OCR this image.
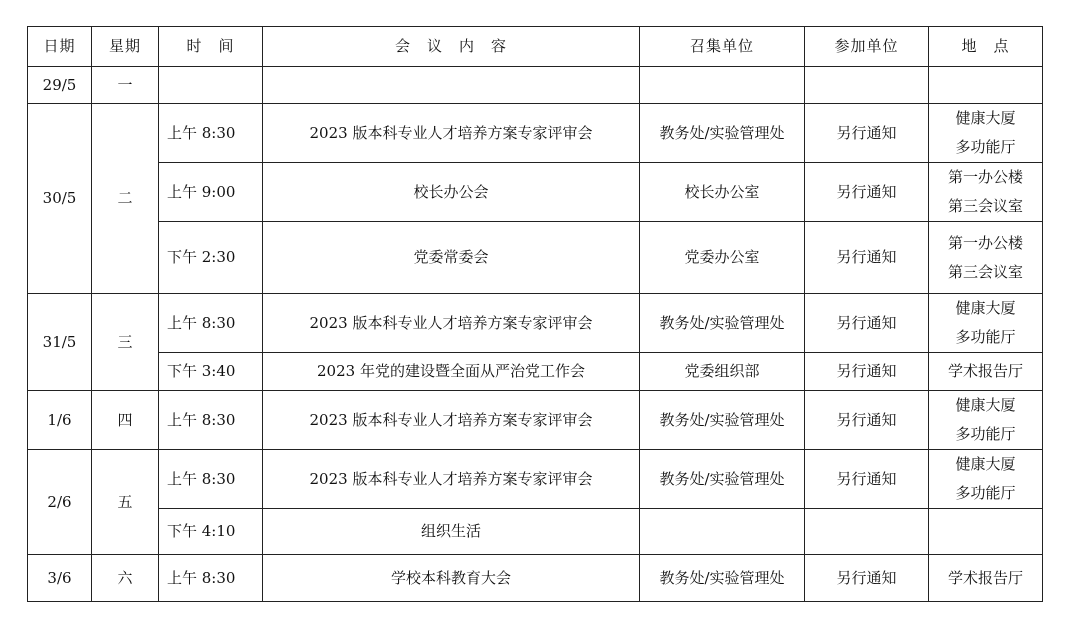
日期	星期	时　间	会　议　内　容	召集单位	参加单位	地　点
29/5	一					
30/5	二	上午 8:30	2023 版本科专业人才培养方案专家评审会	教务处/实验管理处	另行通知	健康大厦
多功能厅

		上午 9:00	校长办公会	校长办公室	另行通知	第一办公楼
第三会议室

		下午 2:30	党委常委会	党委办公室	另行通知	第一办公楼
第三会议室

31/5	三	上午 8:30	2023 版本科专业人才培养方案专家评审会	教务处/实验管理处	另行通知	健康大厦
多功能厅

		下午 3:40	2023 年党的建设暨全面从严治党工作会	党委组织部	另行通知	学术报告厅

1/6	四	上午 8:30	2023 版本科专业人才培养方案专家评审会	教务处/实验管理处	另行通知	健康大厦
多功能厅

2/6	五	上午 8:30	2023 版本科专业人才培养方案专家评审会	教务处/实验管理处	另行通知	健康大厦
多功能厅

		下午 4:10	组织生活			
3/6	六	上午 8:30	学校本科教育大会	教务处/实验管理处	另行通知	学术报告厅
